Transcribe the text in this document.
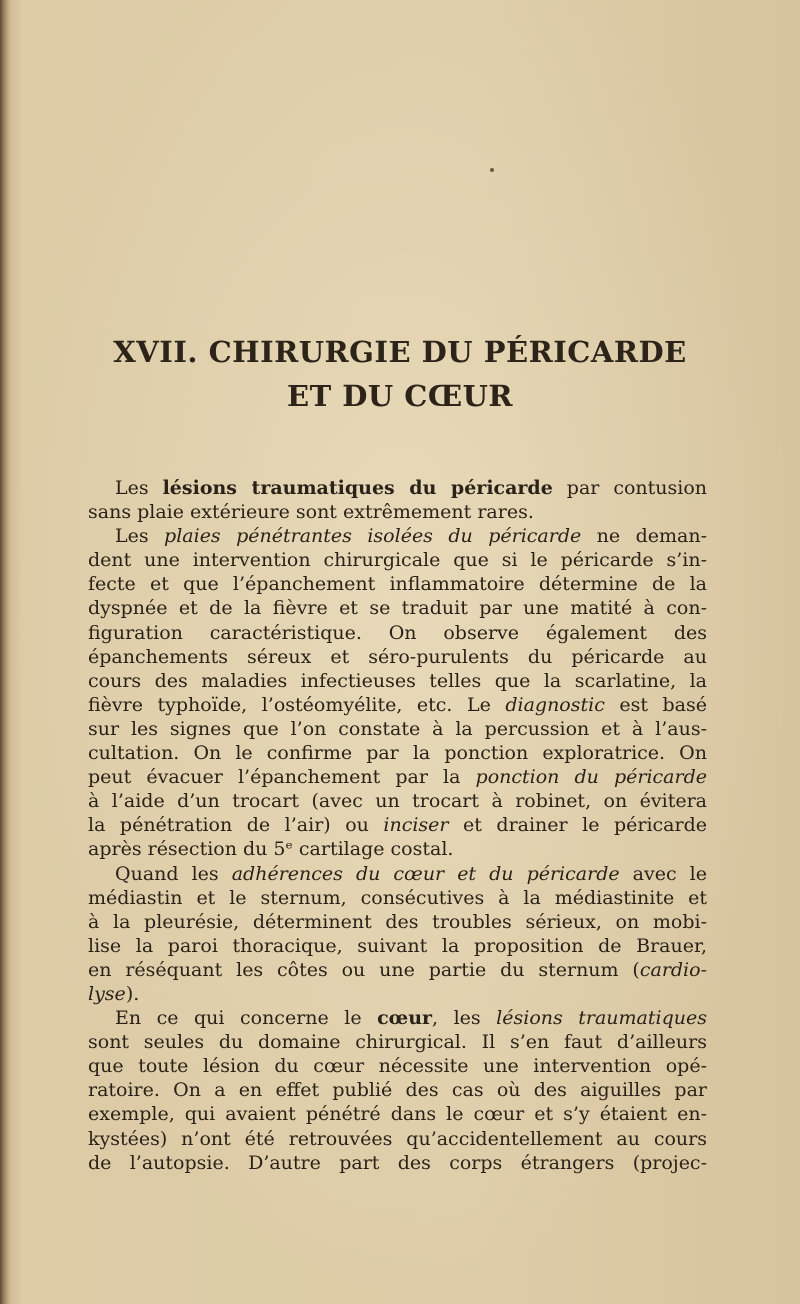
XVII. CHIRURGIE DU PÉRICARDE
ET DU CŒUR
Les lésions traumatiques du péricarde par contusion
sans plaie extérieure sont extrêmement rares.
Les plaies pénétrantes isolées du péricarde ne deman-
dent une intervention chirurgicale que si le péricarde s’in-
fecte et que l’épanchement inflammatoire détermine de la
dyspnée et de la fièvre et se traduit par une matité à con-
figuration caractéristique. On observe également des
épanchements séreux et séro-purulents du péricarde au
cours des maladies infectieuses telles que la scarlatine, la
fièvre typhoïde, l’ostéomyélite, etc. Le diagnostic est basé
sur les signes que l’on constate à la percussion et à l’aus-
cultation. On le confirme par la ponction exploratrice. On
peut évacuer l’épanchement par la ponction du péricarde
à l’aide d’un trocart (avec un trocart à robinet, on évitera
la pénétration de l’air) ou inciser et drainer le péricarde
après résection du 5ᵉ cartilage costal.
Quand les adhérences du cœur et du péricarde avec le
médiastin et le sternum, consécutives à la médiastinite et
à la pleurésie, déterminent des troubles sérieux, on mobi-
lise la paroi thoracique, suivant la proposition de Brauer,
en réséquant les côtes ou une partie du sternum (cardio-
lyse).
En ce qui concerne le cœur, les lésions traumatiques
sont seules du domaine chirurgical. Il s’en faut d’ailleurs
que toute lésion du cœur nécessite une intervention opé-
ratoire. On a en effet publié des cas où des aiguilles par
exemple, qui avaient pénétré dans le cœur et s’y étaient en-
kystées) n’ont été retrouvées qu’accidentellement au cours
de l’autopsie. D’autre part des corps étrangers (projec-
